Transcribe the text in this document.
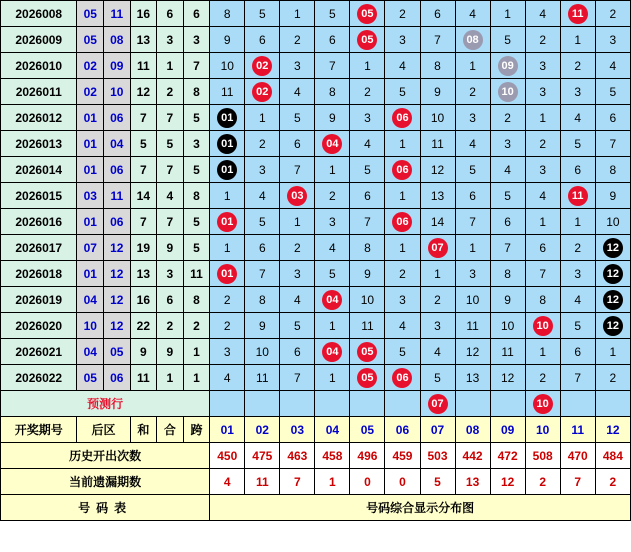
2026008	05	11	16	6	6	8	5	1	5	05	2	6	4	1	4	11	2
2026009	05	08	13	3	3	9	6	2	6	05	3	7	08	5	2	1	3
2026010	02	09	11	1	7	10	02	3	7	1	4	8	1	09	3	2	4
2026011	02	10	12	2	8	11	02	4	8	2	5	9	2	10	3	3	5
2026012	01	06	7	7	5	01	1	5	9	3	06	10	3	2	1	4	6
2026013	01	04	5	5	3	01	2	6	04	4	1	11	4	3	2	5	7
2026014	01	06	7	7	5	01	3	7	1	5	06	12	5	4	3	6	8
2026015	03	11	14	4	8	1	4	03	2	6	1	13	6	5	4	11	9
2026016	01	06	7	7	5	01	5	1	3	7	06	14	7	6	1	1	10
2026017	07	12	19	9	5	1	6	2	4	8	1	07	1	7	6	2	12
2026018	01	12	13	3	11	01	7	3	5	9	2	1	3	8	7	3	12
2026019	04	12	16	6	8	2	8	4	04	10	3	2	10	9	8	4	12
2026020	10	12	22	2	2	2	9	5	1	11	4	3	11	10	10	5	12
2026021	04	05	9	9	1	3	10	6	04	05	5	4	12	11	1	6	1
2026022	05	06	11	1	1	4	11	7	1	05	06	5	13	12	2	7	2
预测行												07			10		
开奖期号	后区		和	合	跨	01	02	03	04	05	06	07	08	09	10	11	12
历史开出次数						450	475	463	458	496	459	503	442	472	508	470	484
当前遗漏期数						4	11	7	1	0	0	5	13	12	2	7	2
号码表						号码综合显示分布图											
